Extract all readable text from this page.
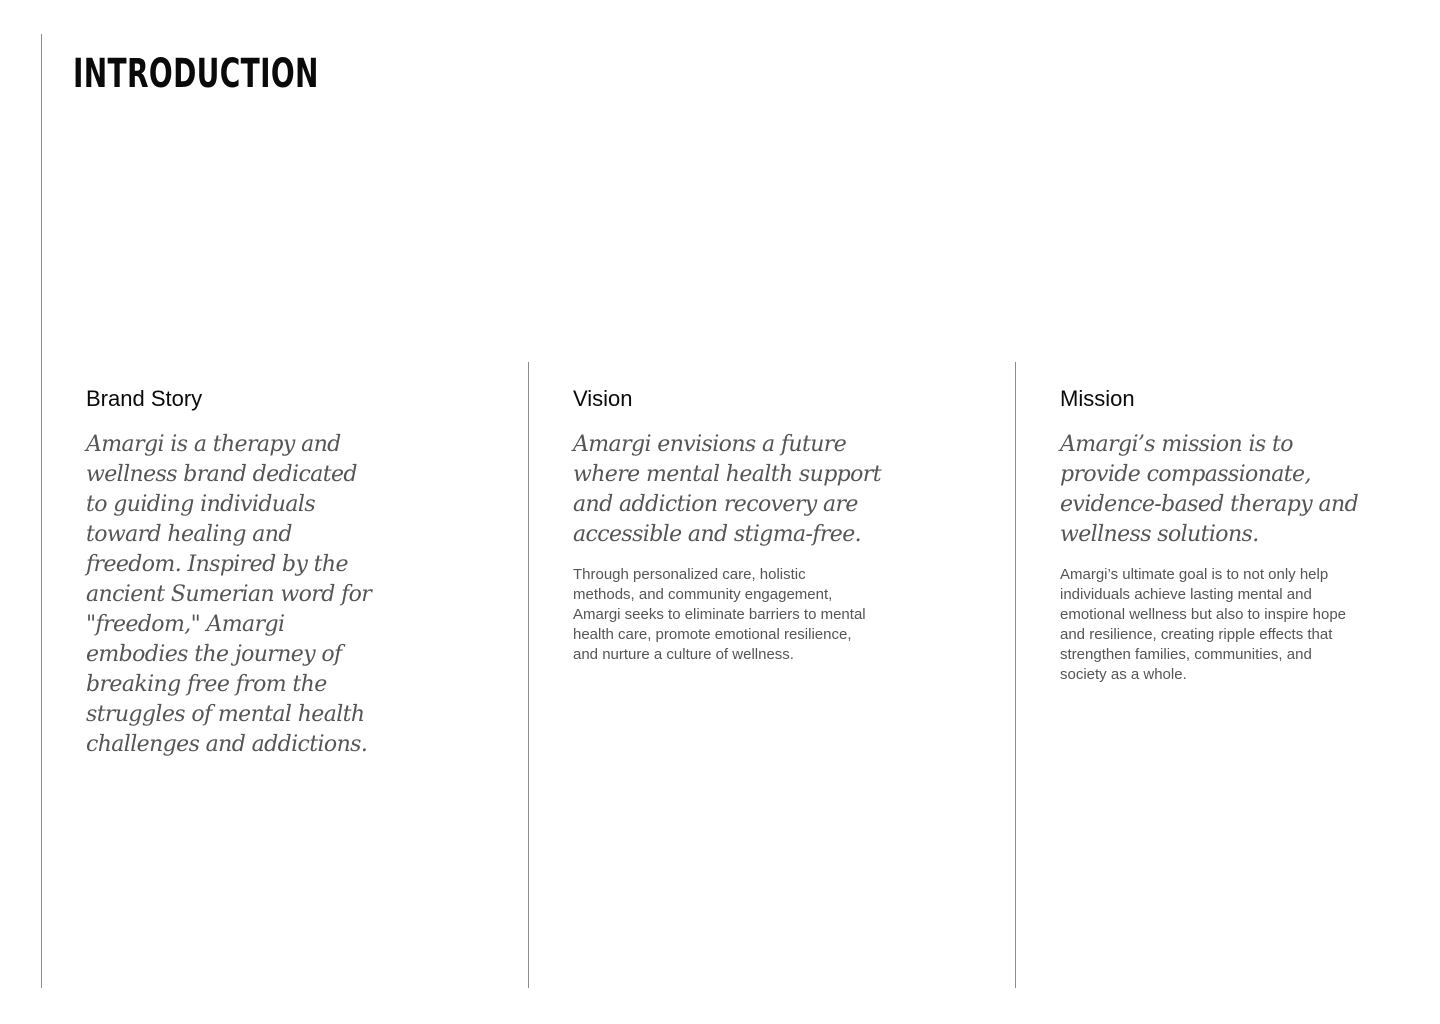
INTRODUCTION
Brand Story

Amargi is a therapy and wellness brand dedicated to guiding individuals toward healing and freedom. Inspired by the ancient Sumerian word for "freedom," Amargi embodies the journey of breaking free from the struggles of mental health challenges and addictions.

Vision

Amargi envisions a future where mental health support and addiction recovery are accessible and stigma-free.

Through personalized care, holistic methods, and community engagement, Amargi seeks to eliminate barriers to mental health care, promote emotional resilience, and nurture a culture of wellness.

Mission

Amargi’s mission is to provide compassionate, evidence-based therapy and wellness solutions.

Amargi’s ultimate goal is to not only help individuals achieve lasting mental and emotional wellness but also to inspire hope and resilience, creating ripple effects that strengthen families, communities, and society as a whole.
